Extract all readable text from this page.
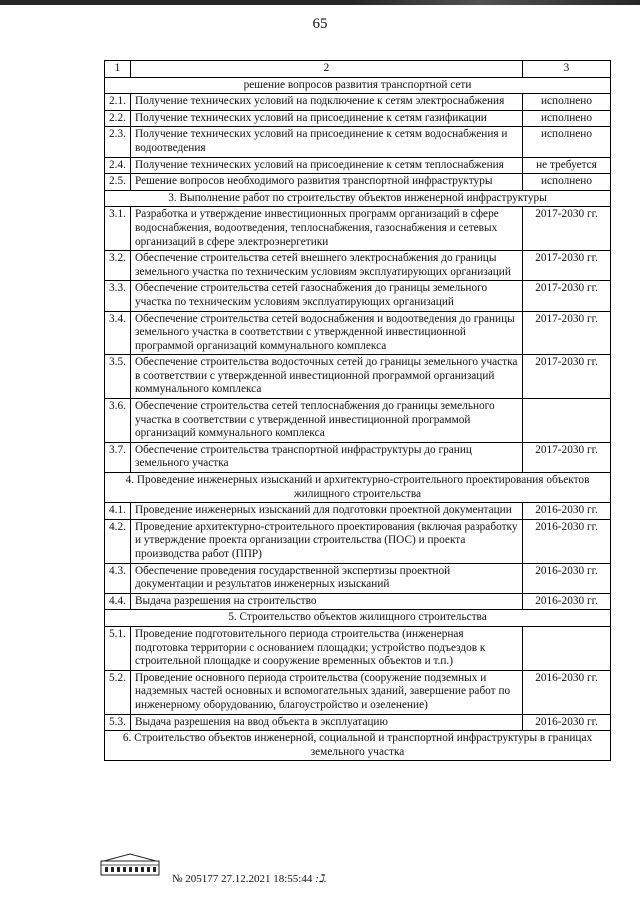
65
1	2	3
решение вопросов развития транспортной сети		
2.1.	Получение технических условий на подключение к сетям электроснабжения	исполнено
2.2.	Получение технических условий на присоединение к сетям газификации	исполнено
2.3.	Получение технических условий на присоединение к сетям водоснабжения и водоотведения	исполнено
2.4.	Получение технических условий на присоединение к сетям теплоснабжения	не требуется
2.5.	Решение вопросов необходимого развития транспортной инфраструктуры	исполнено
3. Выполнение работ по строительству объектов инженерной инфраструктуры		
3.1.	Разработка и утверждение инвестиционных программ организаций в сфере водоснабжения, водоотведения, теплоснабжения, газоснабжения и сетевых организаций в сфере электроэнергетики	2017-2030 гг.
3.2.	Обеспечение строительства сетей внешнего электроснабжения до границы земельного участка по техническим условиям эксплуатирующих организаций	2017-2030 гг.
3.3.	Обеспечение строительства сетей газоснабжения до границы земельного участка по техническим условиям эксплуатирующих организаций	2017-2030 гг.
3.4.	Обеспечение строительства сетей водоснабжения и водоотведения до границы земельного участка в соответствии с утвержденной инвестиционной программой организаций коммунального комплекса	2017-2030 гг.
3.5.	Обеспечение строительства водосточных сетей до границы земельного участка в соответствии с утвержденной инвестиционной программой организаций коммунального комплекса	2017-2030 гг.
3.6.	Обеспечение строительства сетей теплоснабжения до границы земельного участка в соответствии с утвержденной инвестиционной программой организаций коммунального комплекса	
3.7.	Обеспечение строительства транспортной инфраструктуры до границ земельного участка	2017-2030 гг.
4. Проведение инженерных изысканий и архитектурно-строительного проектирования объектов жилищного строительства		
4.1.	Проведение инженерных изысканий для подготовки проектной документации	2016-2030 гг.
4.2.	Проведение архитектурно-строительного проектирования (включая разработку и утверждение проекта организации строительства (ПОС) и проекта производства работ (ППР)	2016-2030 гг.
4.3.	Обеспечение проведения государственной экспертизы проектной документации и результатов инженерных изысканий	2016-2030 гг.
4.4.	Выдача разрешения на строительство	2016-2030 гг.
5. Строительство объектов жилищного строительства		
5.1.	Проведение подготовительного периода строительства (инженерная подготовка территории с основанием площадки; устройство подъездов к строительной площадке и сооружение временных объектов и т.п.)	
5.2.	Проведение основного периода строительства (сооружение подземных и надземных частей основных и вспомогательных зданий, завершение работ по инженерному оборудованию, благоустройство и озеленение)	2016-2030 гг.
5.3.	Выдача разрешения на ввод объекта в эксплуатацию	2016-2030 гг.
6. Строительство объектов инженерной, социальной и транспортной инфраструктуры в границах земельного участка		
№ 205177 27.12.2021 18:55:44 :ℷ.
